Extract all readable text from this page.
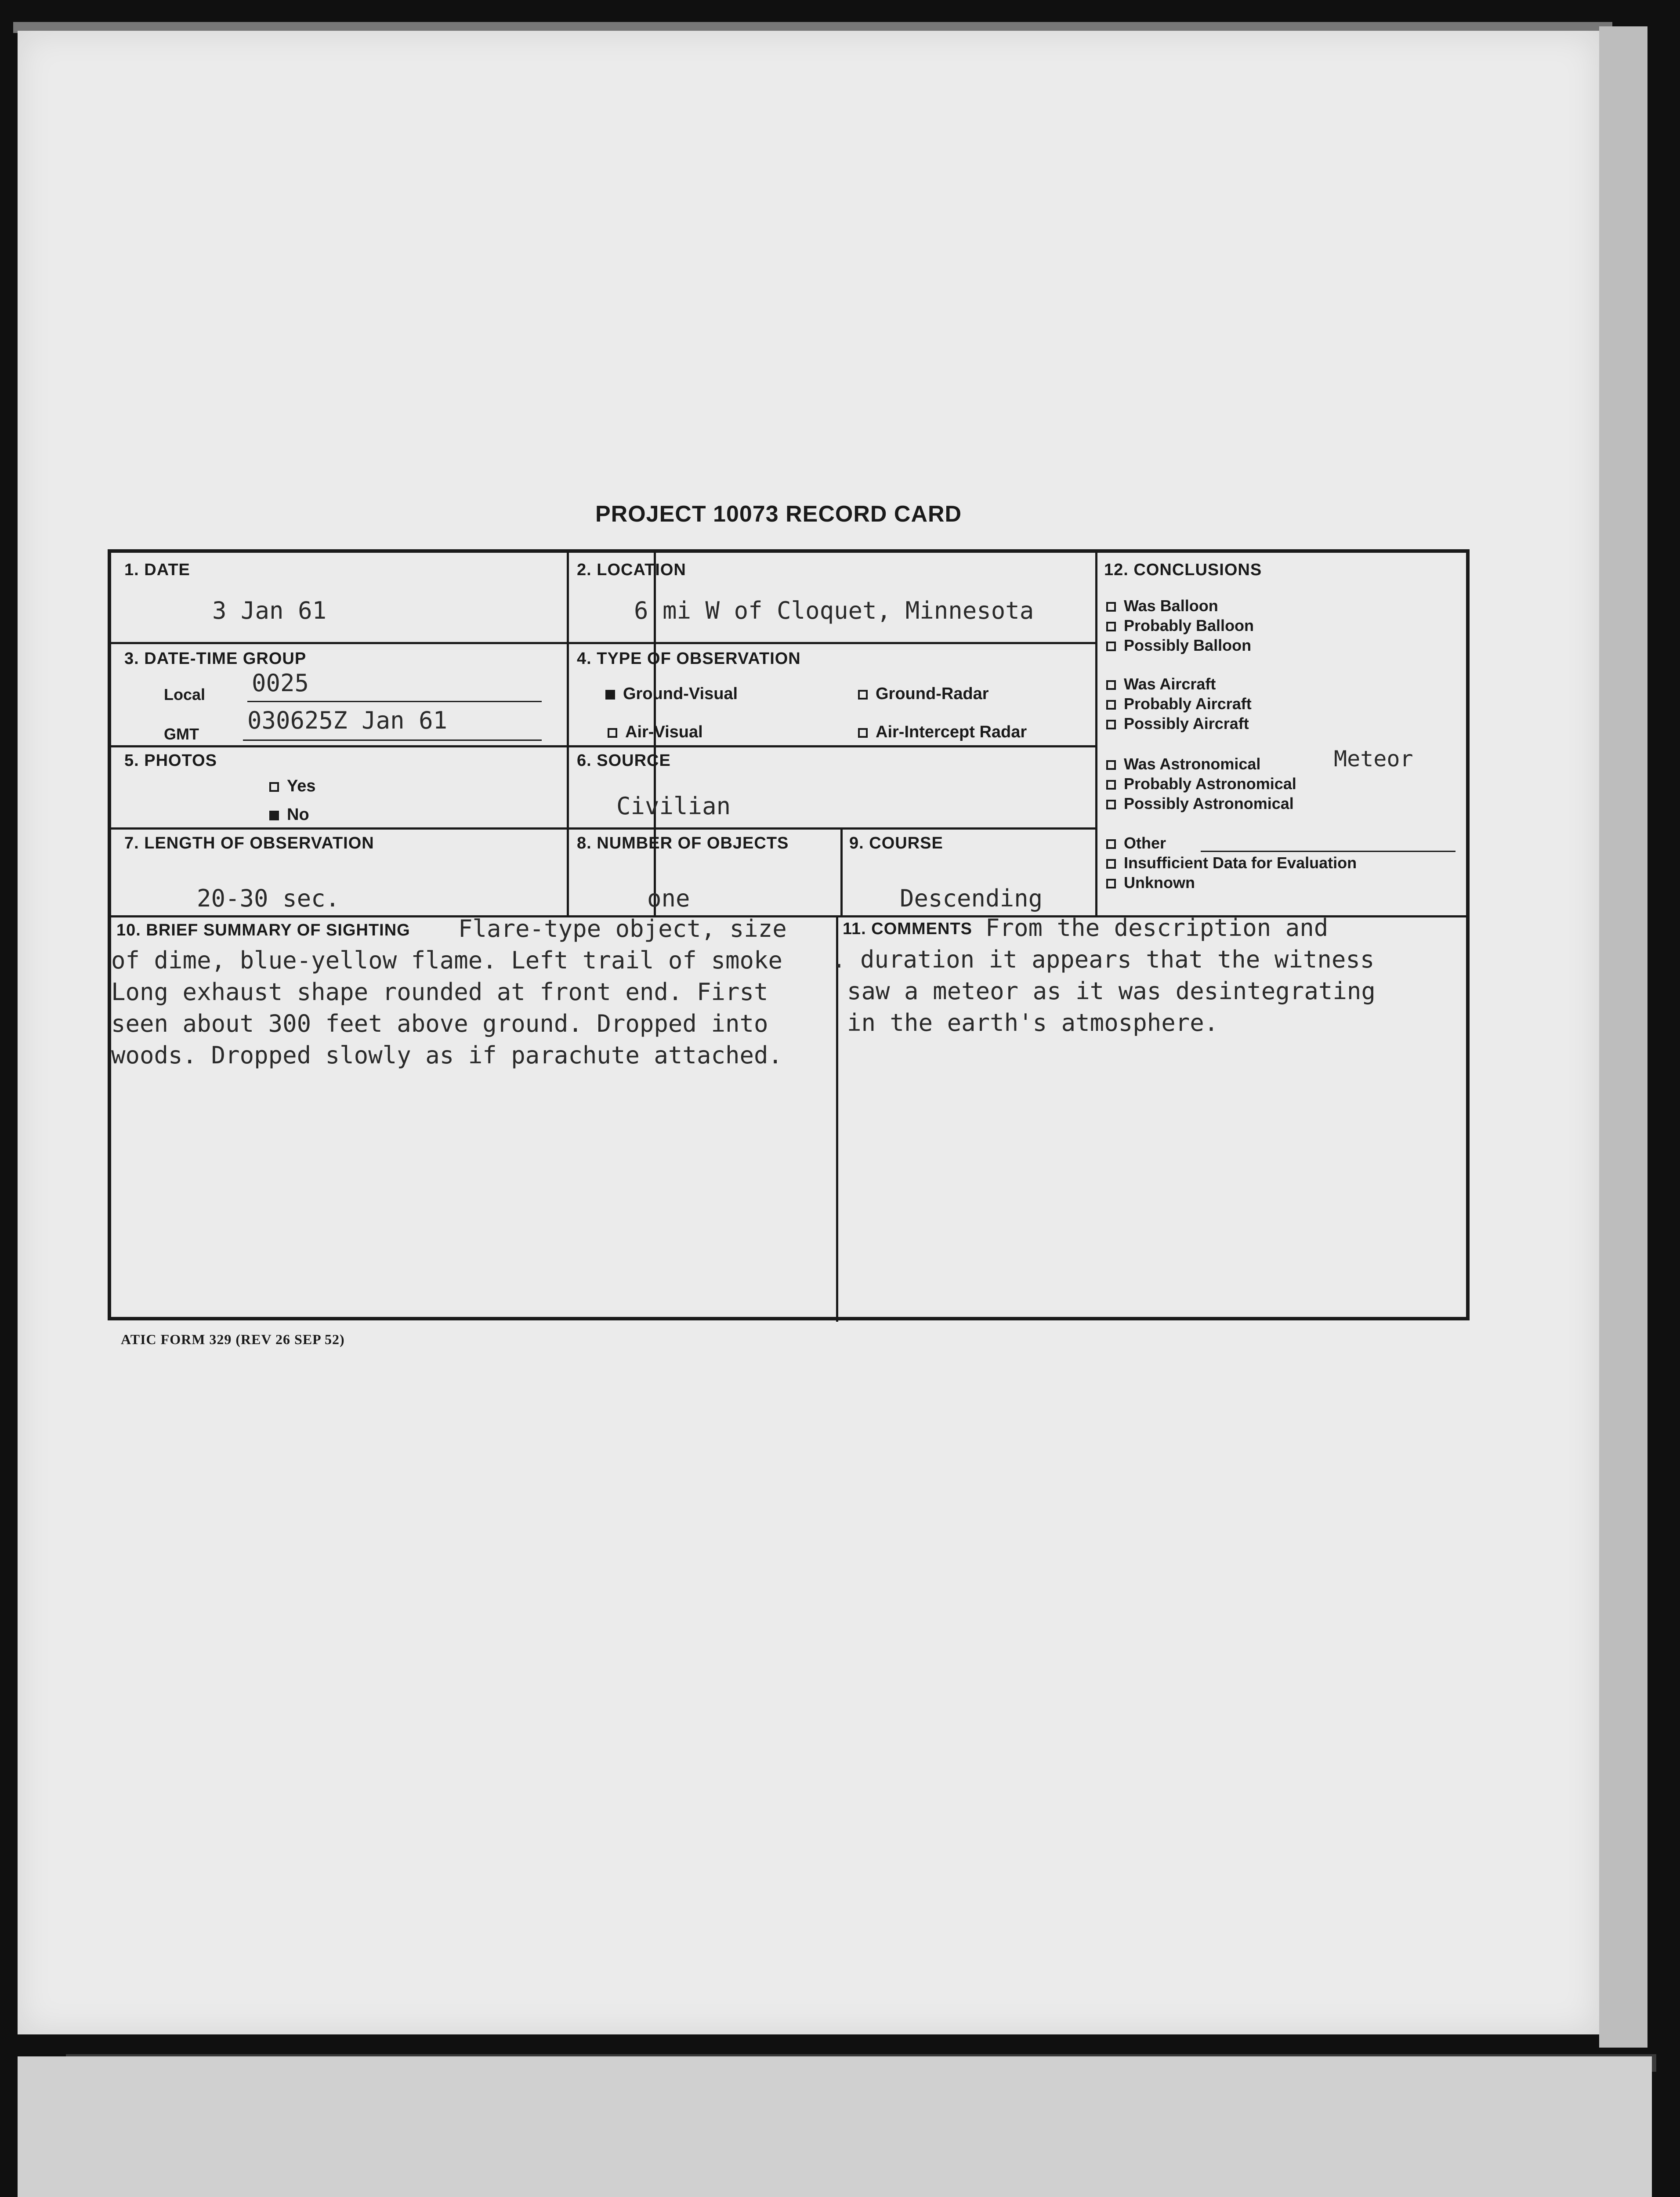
PROJECT 10073 RECORD CARD
1. DATE
3 Jan 61
2. LOCATION
6 mi W of Cloquet, Minnesota
3. DATE-TIME GROUP
Local 0025
GMT 030625Z Jan 61
4. TYPE OF OBSERVATION
Ground-Visual	Ground-Radar
Air-Visual	Air-Intercept Radar
5. PHOTOS
Yes
No
6. SOURCE
Civilian
7. LENGTH OF OBSERVATION
20-30 sec.
8. NUMBER OF OBJECTS
one
9. COURSE
Descending
12. CONCLUSIONS
Was Balloon
Probably Balloon
Possibly Balloon
Was Aircraft
Probably Aircraft
Possibly Aircraft
Was Astronomical	Meteor
Probably Astronomical
Possibly Astronomical
Other
Insufficient Data for Evaluation
Unknown
10. BRIEF SUMMARY OF SIGHTING Flare-type object, size
of dime, blue-yellow flame. Left trail of smoke
Long exhaust shape rounded at front end. First
seen about 300 feet above ground. Dropped into
woods. Dropped slowly as if parachute attached.
11. COMMENTS From the description and
. duration it appears that the witness
saw a meteor as it was desintegrating
in the earth's atmosphere.
ATIC FORM 329 (REV 26 SEP 52)
